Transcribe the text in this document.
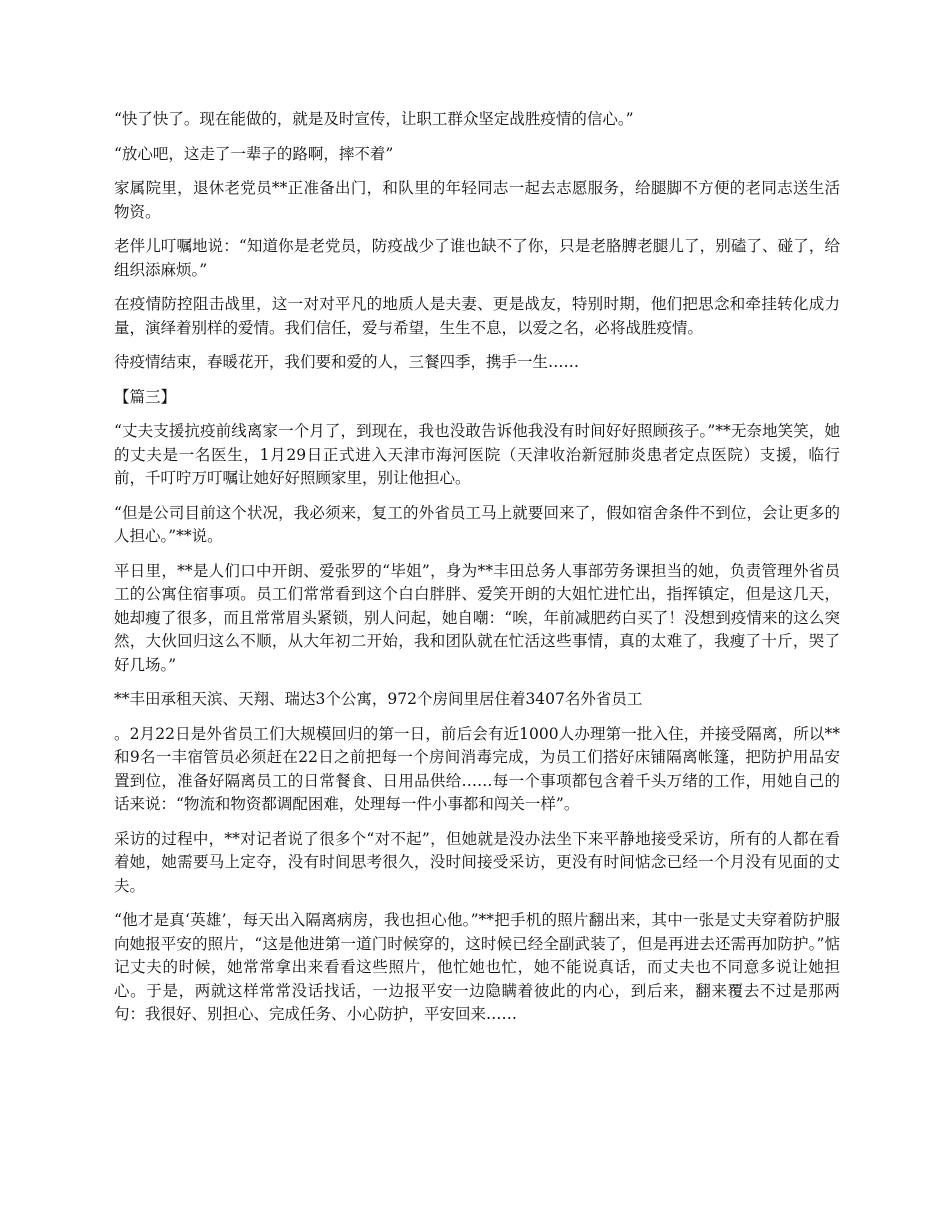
“快了快了。现在能做的，就是及时宣传，让职工群众坚定战胜疫情的信心。”

“放心吧，这走了一辈子的路啊，摔不着”

家属院里，退休老党员**正准备出门，和队里的年轻同志一起去志愿服务，给腿脚不方便的老同志送生活物资。

老伴儿叮嘱地说：“知道你是老党员，防疫战少了谁也缺不了你，只是老胳膊老腿儿了，别磕了、碰了，给组织添麻烦。”

在疫情防控阻击战里，这一对对平凡的地质人是夫妻、更是战友，特别时期，他们把思念和牵挂转化成力量，演绎着别样的爱情。我们信任，爱与希望，生生不息，以爱之名，必将战胜疫情。

待疫情结束，春暖花开，我们要和爱的人，三餐四季，携手一生……

【篇三】

“丈夫支援抗疫前线离家一个月了，到现在，我也没敢告诉他我没有时间好好照顾孩子。”**无奈地笑笑，她的丈夫是一名医生，1月29日正式进入天津市海河医院（天津收治新冠肺炎患者定点医院）支援，临行前，千叮咛万叮嘱让她好好照顾家里，别让他担心。

“但是公司目前这个状况，我必须来，复工的外省员工马上就要回来了，假如宿舍条件不到位，会让更多的人担心。”**说。

平日里，**是人们口中开朗、爱张罗的“毕姐”，身为**丰田总务人事部劳务课担当的她，负责管理外省员工的公寓住宿事项。员工们常常看到这个白白胖胖、爱笑开朗的大姐忙进忙出，指挥镇定，但是这几天，她却瘦了很多，而且常常眉头紧锁，别人问起，她自嘲：“唉，年前减肥药白买了！没想到疫情来的这么突然，大伙回归这么不顺，从大年初二开始，我和团队就在忙活这些事情，真的太难了，我瘦了十斤，哭了好几场。”

**丰田承租天滨、天翔、瑞达3个公寓，972个房间里居住着3407名外省员工

。2月22日是外省员工们大规模回归的第一日，前后会有近1000人办理第一批入住，并接受隔离，所以**和9名一丰宿管员必须赶在22日之前把每一个房间消毒完成，为员工们搭好床铺隔离帐篷，把防护用品安置到位，准备好隔离员工的日常餐食、日用品供给……每一个事项都包含着千头万绪的工作，用她自己的话来说：“物流和物资都调配困难，处理每一件小事都和闯关一样”。

采访的过程中，**对记者说了很多个“对不起”，但她就是没办法坐下来平静地接受采访，所有的人都在看着她，她需要马上定夺，没有时间思考很久，没时间接受采访，更没有时间惦念已经一个月没有见面的丈夫。

“他才是真‘英雄’，每天出入隔离病房，我也担心他。”**把手机的照片翻出来，其中一张是丈夫穿着防护服向她报平安的照片，“这是他进第一道门时候穿的，这时候已经全副武装了，但是再进去还需再加防护。”惦记丈夫的时候，她常常拿出来看看这些照片，他忙她也忙，她不能说真话，而丈夫也不同意多说让她担心。于是，两就这样常常没话找话，一边报平安一边隐瞒着彼此的内心，到后来，翻来覆去不过是那两句：我很好、别担心、完成任务、小心防护，平安回来……
